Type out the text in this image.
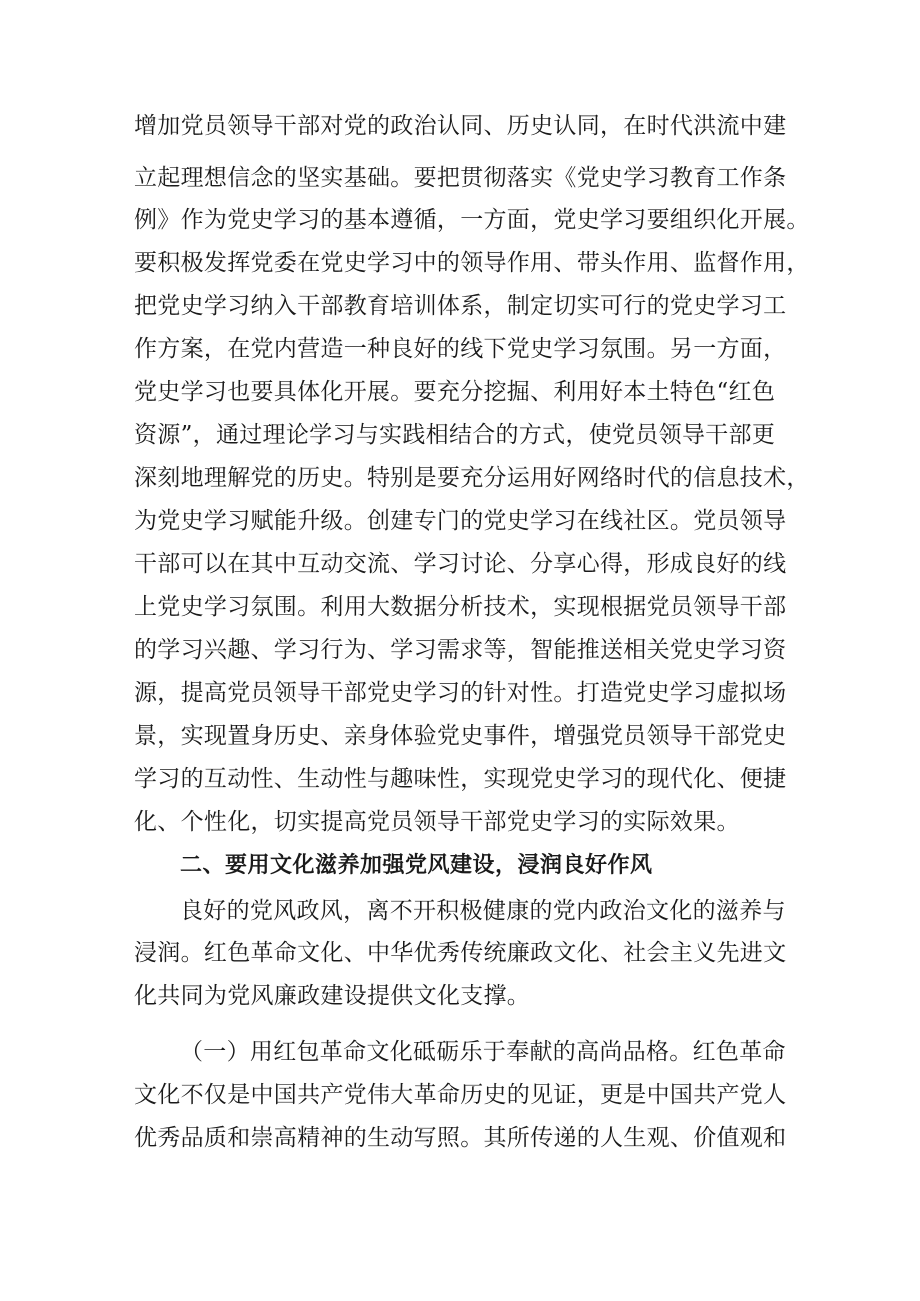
增加党员领导干部对党的政治认同、历史认同，在时代洪流中建
立起理想信念的坚实基础。要把贯彻落实《党史学习教育工作条
例》作为党史学习的基本遵循，一方面，党史学习要组织化开展。
要积极发挥党委在党史学习中的领导作用、带头作用、监督作用，
把党史学习纳入干部教育培训体系，制定切实可行的党史学习工
作方案，在党内营造一种良好的线下党史学习氛围。另一方面，
党史学习也要具体化开展。要充分挖掘、利用好本土特色“红色
资源”，通过理论学习与实践相结合的方式，使党员领导干部更
深刻地理解党的历史。特别是要充分运用好网络时代的信息技术，
为党史学习赋能升级。创建专门的党史学习在线社区。党员领导
干部可以在其中互动交流、学习讨论、分享心得，形成良好的线
上党史学习氛围。利用大数据分析技术，实现根据党员领导干部
的学习兴趣、学习行为、学习需求等，智能推送相关党史学习资
源，提高党员领导干部党史学习的针对性。打造党史学习虚拟场
景，实现置身历史、亲身体验党史事件，增强党员领导干部党史
学习的互动性、生动性与趣味性，实现党史学习的现代化、便捷
化、个性化，切实提高党员领导干部党史学习的实际效果。
二、要用文化滋养加强党风建设，浸润良好作风
良好的党风政风，离不开积极健康的党内政治文化的滋养与
浸润。红色革命文化、中华优秀传统廉政文化、社会主义先进文
化共同为党风廉政建设提供文化支撑。
（一）用红包革命文化砥砺乐于奉献的高尚品格。红色革命
文化不仅是中国共产党伟大革命历史的见证，更是中国共产党人
优秀品质和崇高精神的生动写照。其所传递的人生观、价值观和
